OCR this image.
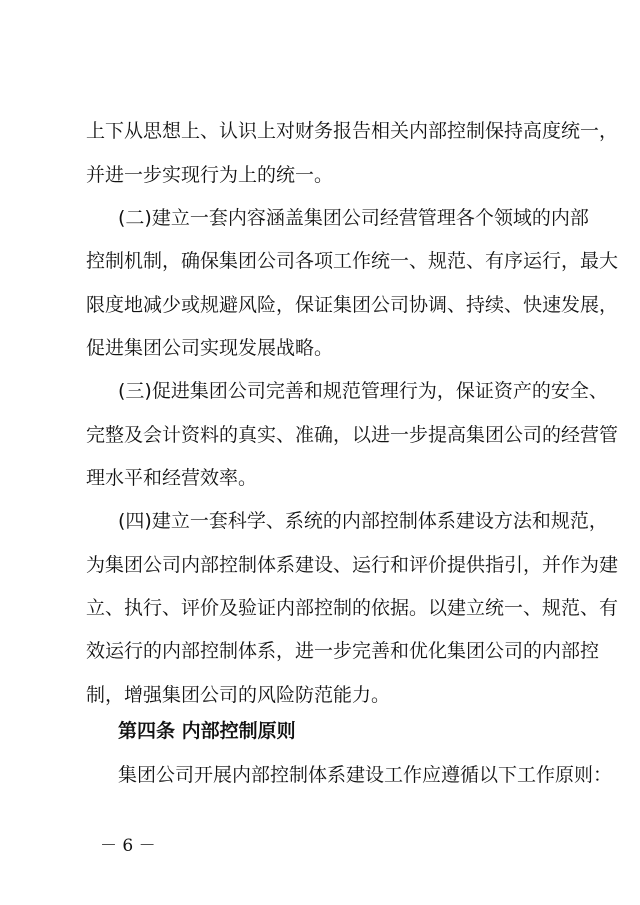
上下从思想上、认识上对财务报告相关内部控制保持高度统一，
并进一步实现行为上的统一。
(二)建立一套内容涵盖集团公司经营管理各个领域的内部
控制机制，确保集团公司各项工作统一、规范、有序运行，最大
限度地减少或规避风险，保证集团公司协调、持续、快速发展，
促进集团公司实现发展战略。
(三)促进集团公司完善和规范管理行为，保证资产的安全、
完整及会计资料的真实、准确，以进一步提高集团公司的经营管
理水平和经营效率。
(四)建立一套科学、系统的内部控制体系建设方法和规范，
为集团公司内部控制体系建设、运行和评价提供指引，并作为建
立、执行、评价及验证内部控制的依据。以建立统一、规范、有
效运行的内部控制体系，进一步完善和优化集团公司的内部控
制，增强集团公司的风险防范能力。
第四条 内部控制原则
集团公司开展内部控制体系建设工作应遵循以下工作原则：
－ 6 －
